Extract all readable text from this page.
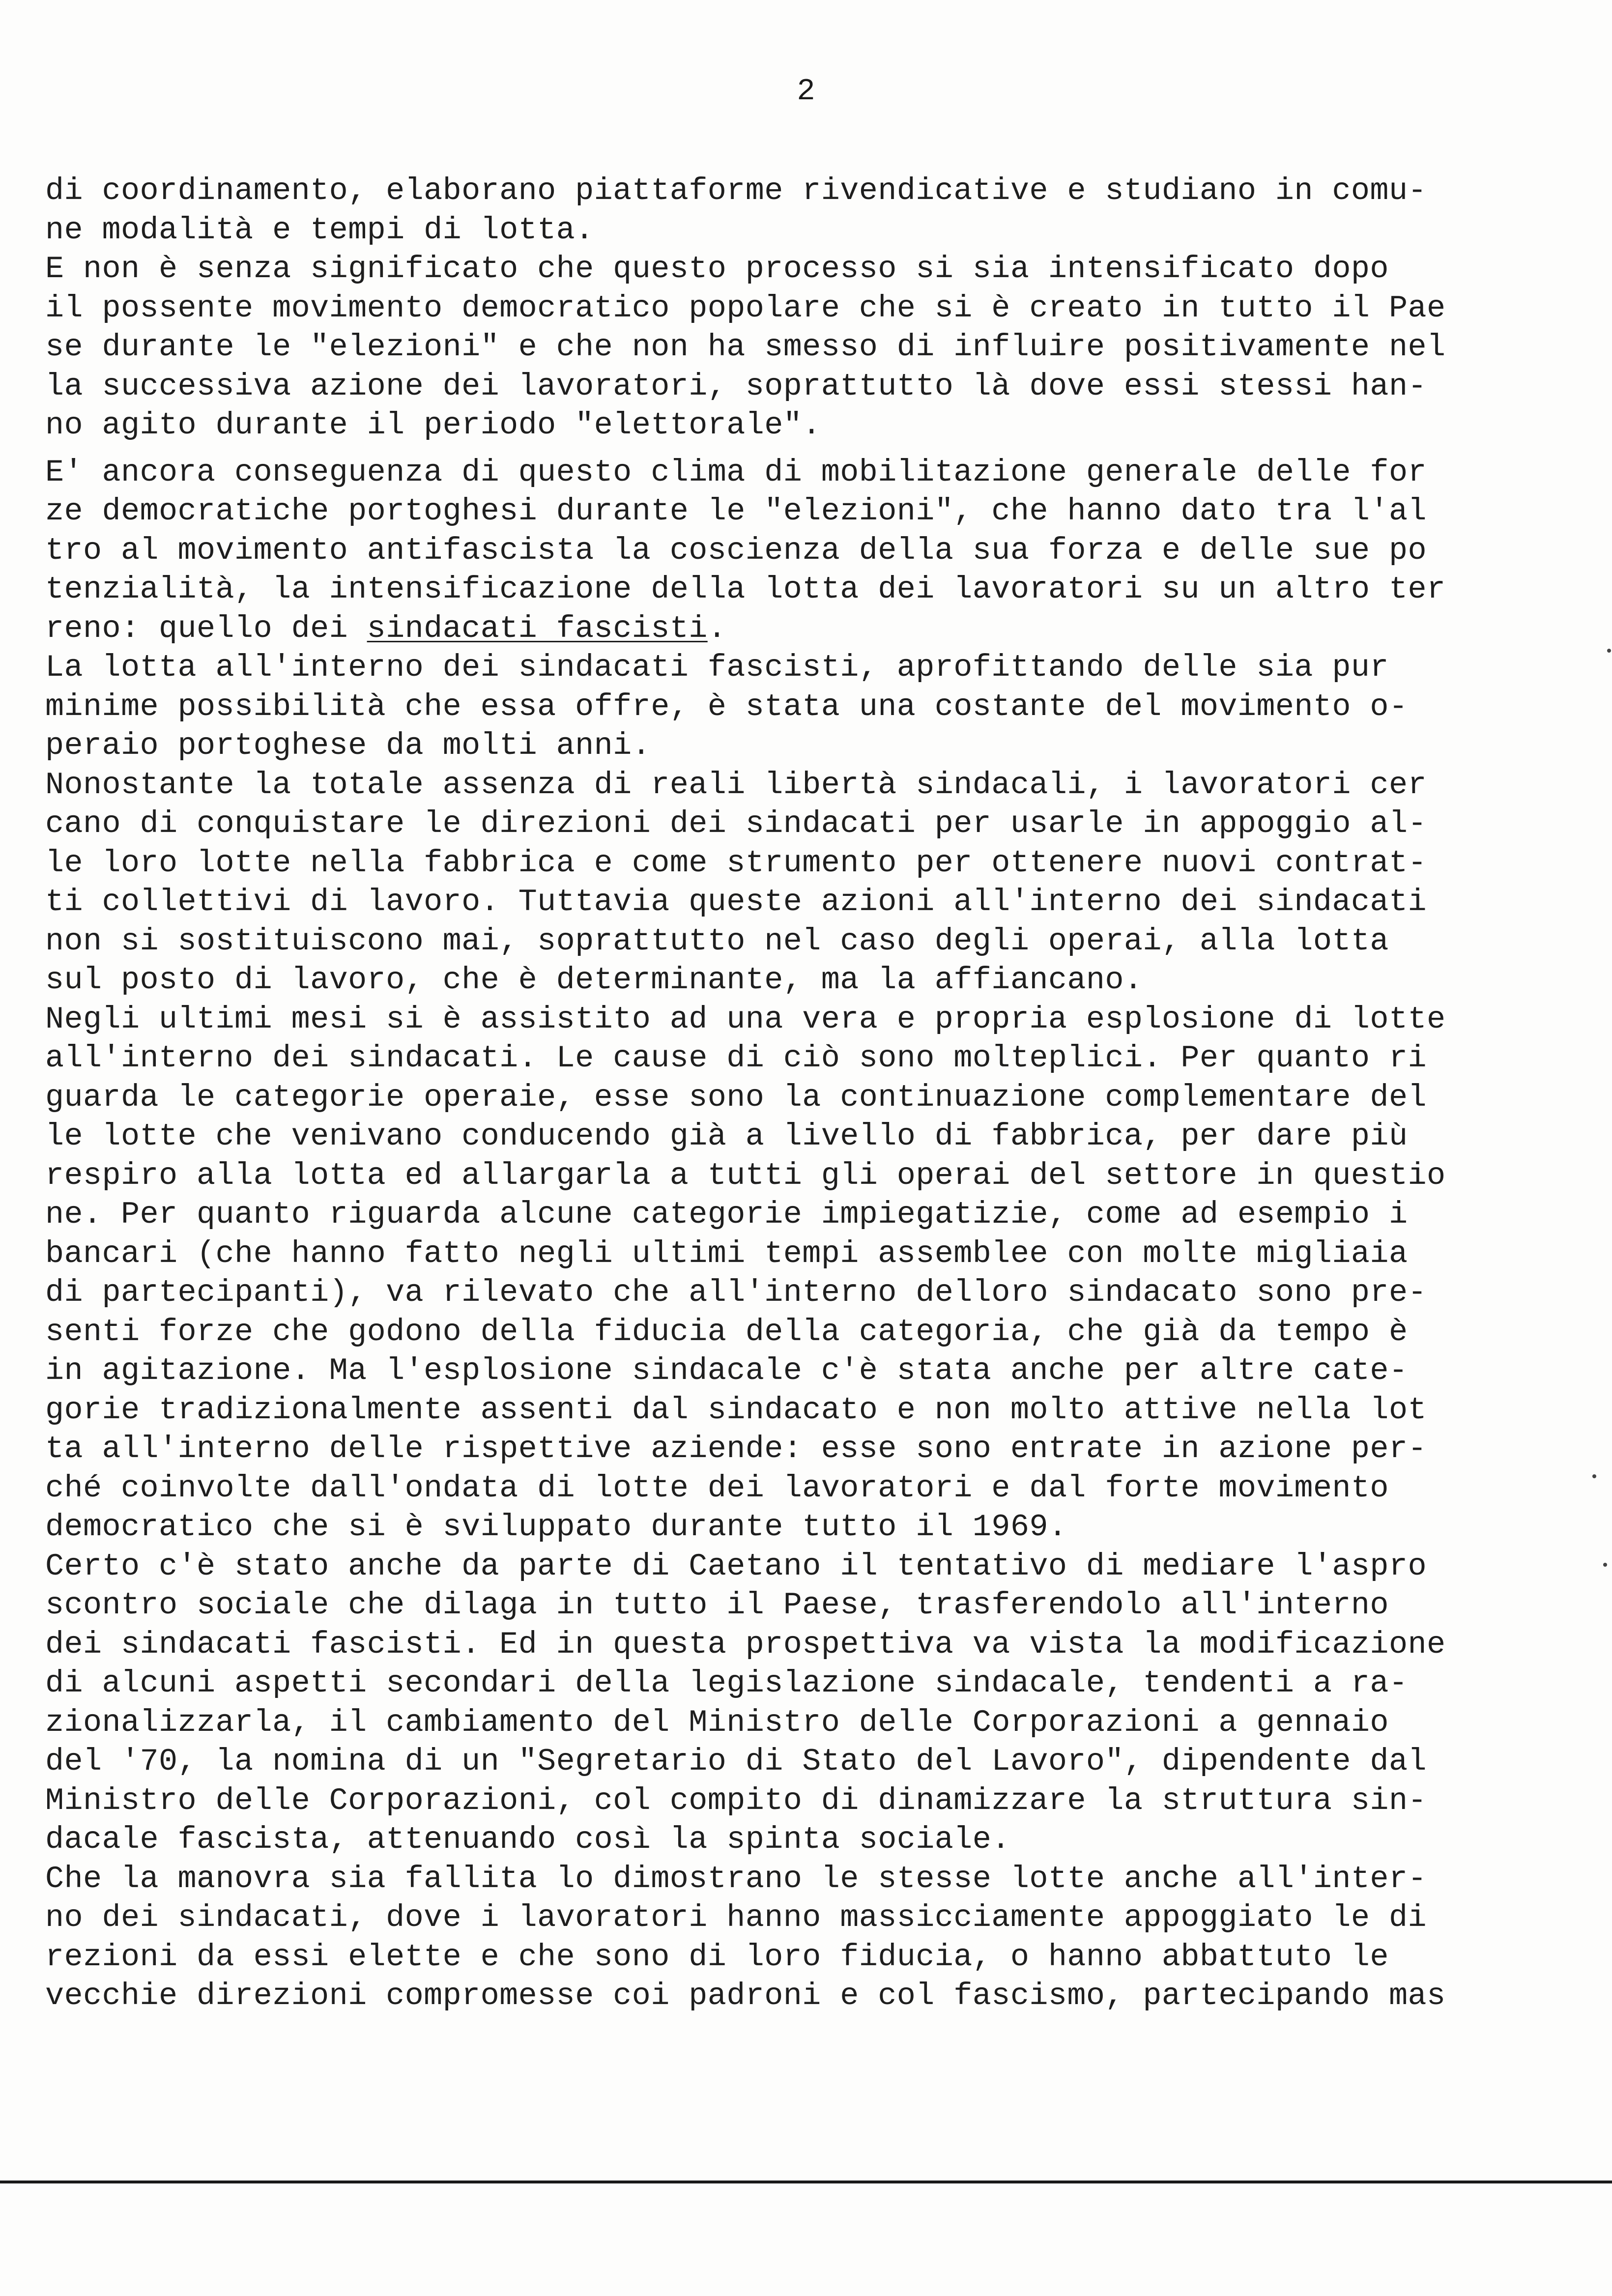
2
di coordinamento, elaborano piattaforme rivendicative e studiano in comu-
ne modalità e tempi di lotta.
E non è senza significato che questo processo si sia intensificato dopo
il possente movimento democratico popolare che si è creato in tutto il Pae
se durante le "elezioni" e che non ha smesso di influire positivamente nel
la successiva azione dei lavoratori, soprattutto là dove essi stessi han-
no agito durante il periodo "elettorale".
E' ancora conseguenza di questo clima di mobilitazione generale delle for
ze democratiche portoghesi durante le "elezioni", che hanno dato tra l'al
tro al movimento antifascista la coscienza della sua forza e delle sue po
tenzialità, la intensificazione della lotta dei lavoratori su un altro ter
reno: quello dei sindacati fascisti.
La lotta all'interno dei sindacati fascisti, aprofittando delle sia pur
minime possibilità che essa offre, è stata una costante del movimento o-
peraio portoghese da molti anni.
Nonostante la totale assenza di reali libertà sindacali, i lavoratori cer
cano di conquistare le direzioni dei sindacati per usarle in appoggio al-
le loro lotte nella fabbrica e come strumento per ottenere nuovi contrat-
ti collettivi di lavoro. Tuttavia queste azioni all'interno dei sindacati
non si sostituiscono mai, soprattutto nel caso degli operai, alla lotta
sul posto di lavoro, che è determinante, ma la affiancano.
Negli ultimi mesi si è assistito ad una vera e propria esplosione di lotte
all'interno dei sindacati. Le cause di ciò sono molteplici. Per quanto ri
guarda le categorie operaie, esse sono la continuazione complementare del
le lotte che venivano conducendo già a livello di fabbrica, per dare più
respiro alla lotta ed allargarla a tutti gli operai del settore in questio
ne. Per quanto riguarda alcune categorie impiegatizie, come ad esempio i
bancari (che hanno fatto negli ultimi tempi assemblee con molte migliaia
di partecipanti), va rilevato che all'interno delloro sindacato sono pre-
senti forze che godono della fiducia della categoria, che già da tempo è
in agitazione. Ma l'esplosione sindacale c'è stata anche per altre cate-
gorie tradizionalmente assenti dal sindacato e non molto attive nella lot
ta all'interno delle rispettive aziende: esse sono entrate in azione per-
ché coinvolte dall'ondata di lotte dei lavoratori e dal forte movimento
democratico che si è sviluppato durante tutto il 1969.
Certo c'è stato anche da parte di Caetano il tentativo di mediare l'aspro
scontro sociale che dilaga in tutto il Paese, trasferendolo all'interno
dei sindacati fascisti. Ed in questa prospettiva va vista la modificazione
di alcuni aspetti secondari della legislazione sindacale, tendenti a ra-
zionalizzarla, il cambiamento del Ministro delle Corporazioni a gennaio
del '70, la nomina di un "Segretario di Stato del Lavoro", dipendente dal
Ministro delle Corporazioni, col compito di dinamizzare la struttura sin-
dacale fascista, attenuando così la spinta sociale.
Che la manovra sia fallita lo dimostrano le stesse lotte anche all'inter-
no dei sindacati, dove i lavoratori hanno massicciamente appoggiato le di
rezioni da essi elette e che sono di loro fiducia, o hanno abbattuto le
vecchie direzioni compromesse coi padroni e col fascismo, partecipando mas
